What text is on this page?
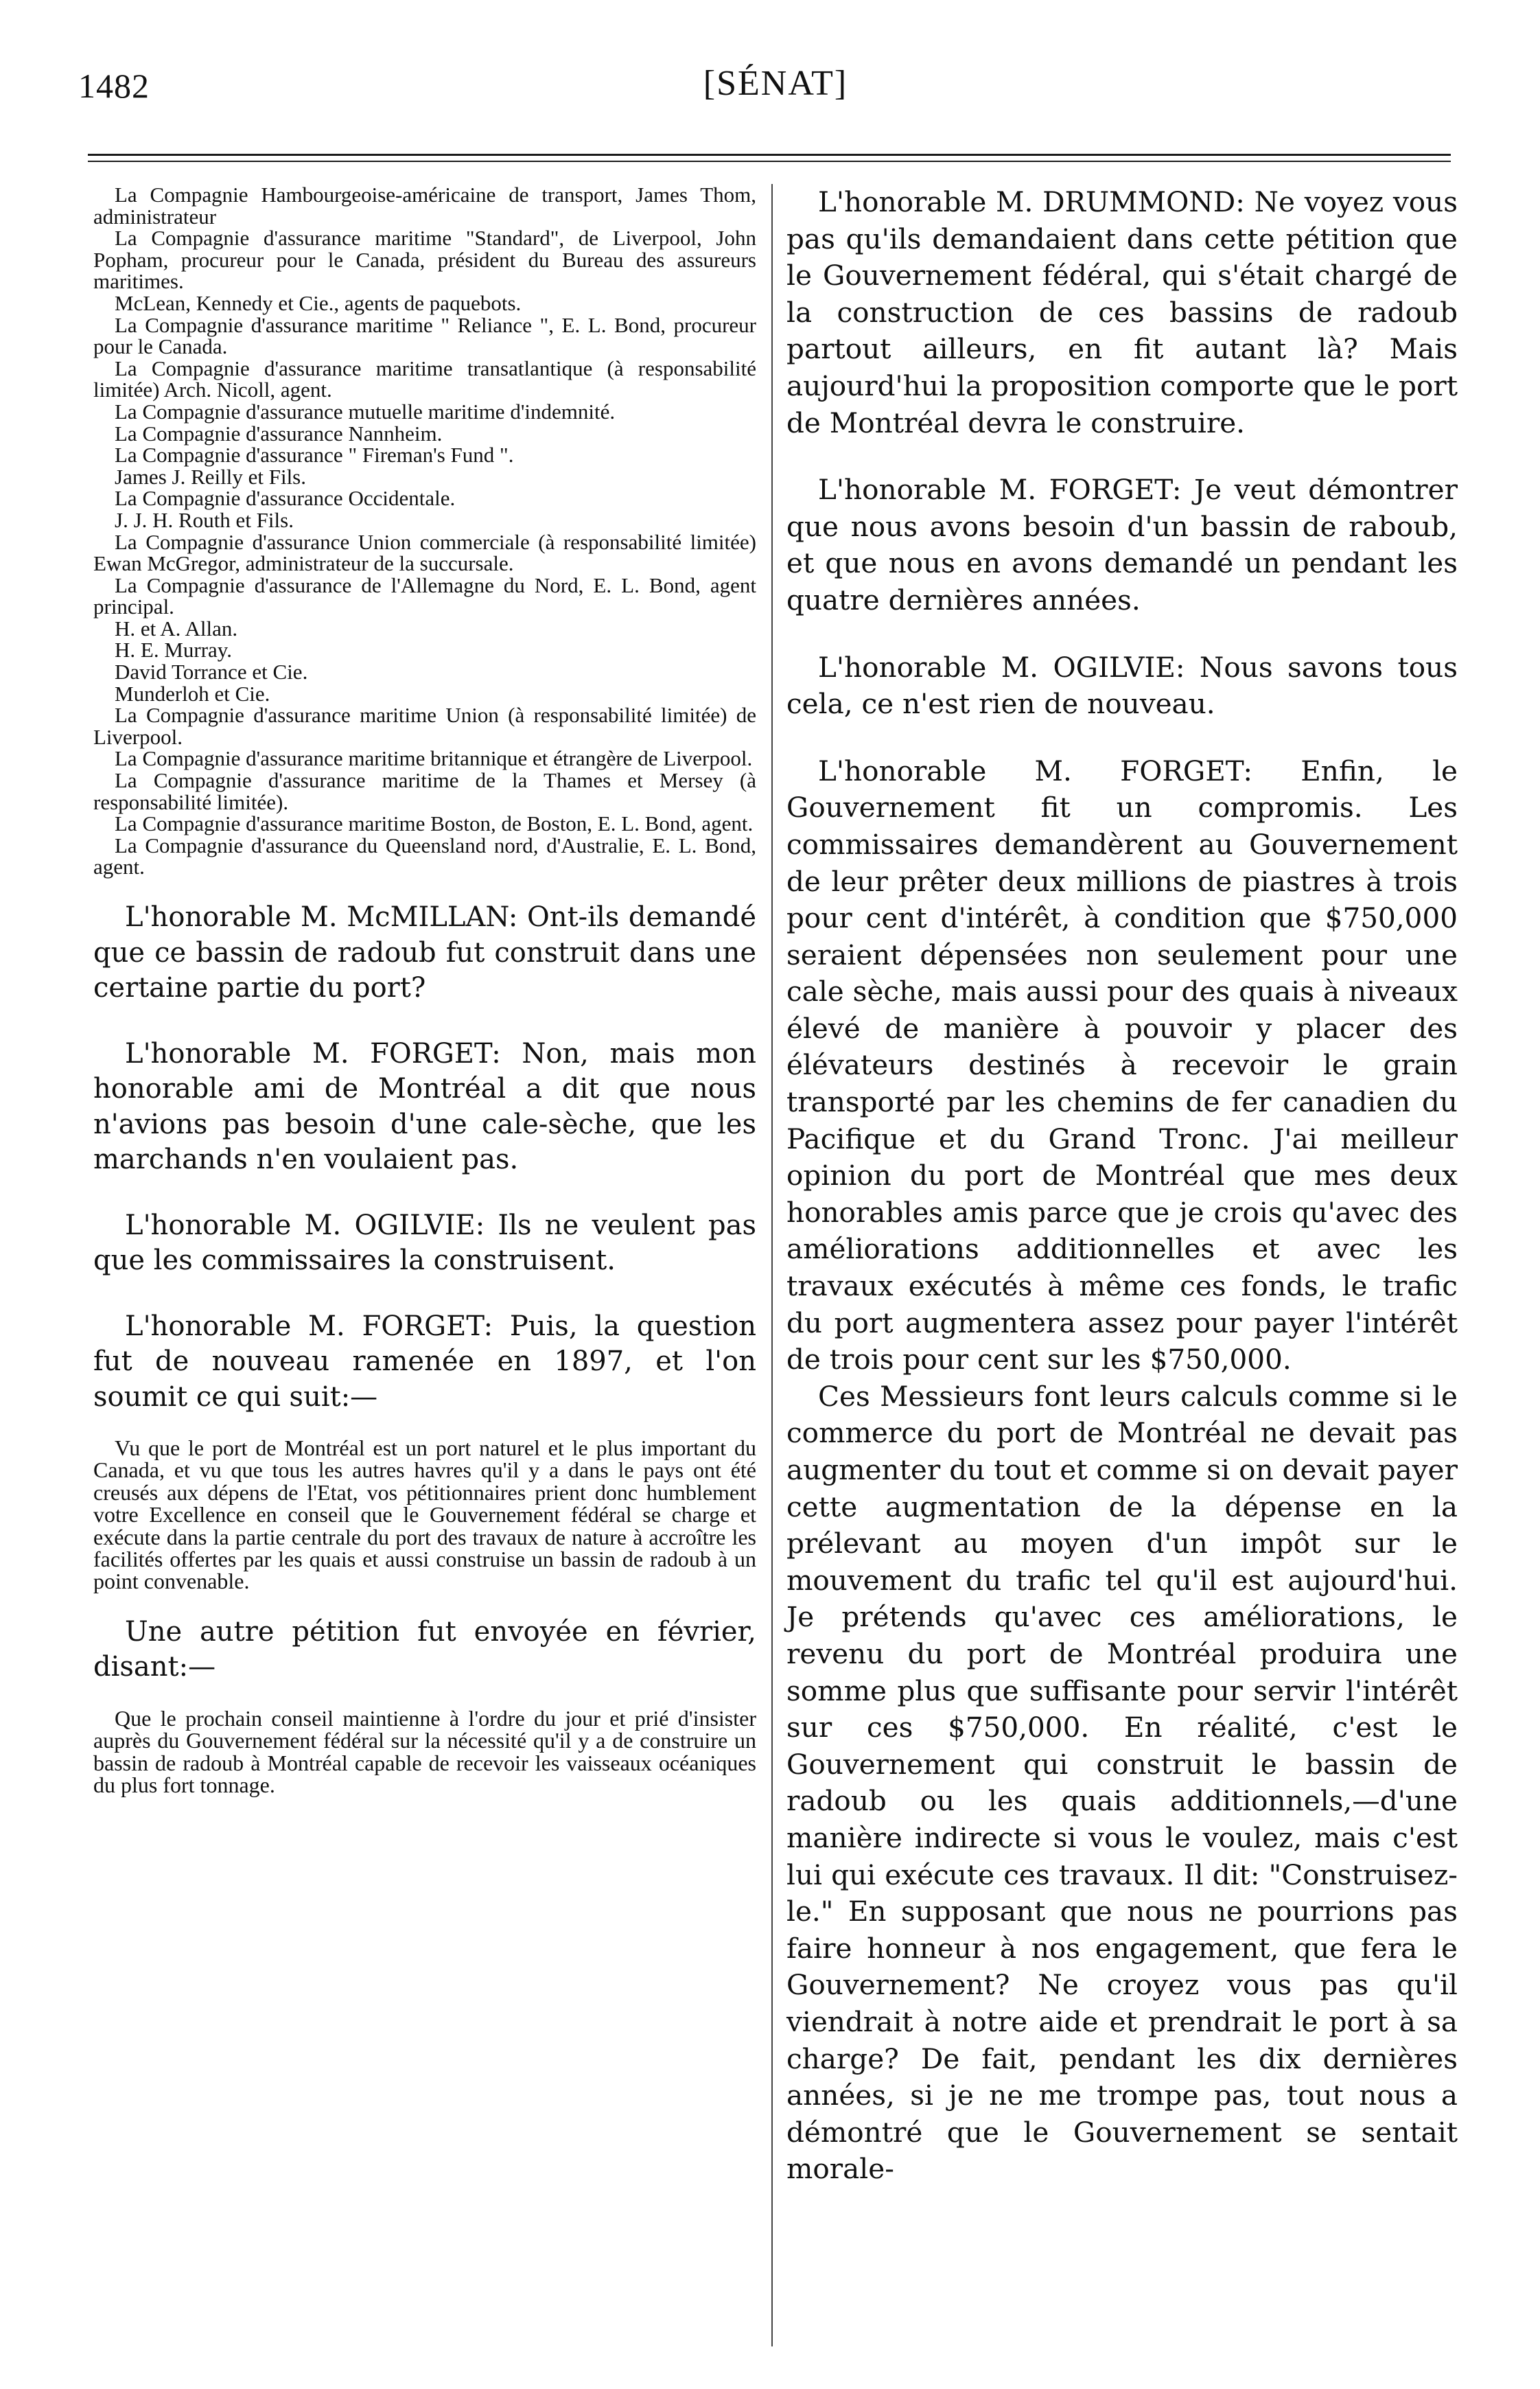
1482	[SÉNAT]

La Compagnie Hambourgeoise-américaine de transport, James Thom, administrateur

La Compagnie d'assurance maritime "Standard", de Liverpool, John Popham, procureur pour le Canada, président du Bureau des assureurs maritimes.

McLean, Kennedy et Cie., agents de paquebots.

La Compagnie d'assurance maritime " Reliance ", E. L. Bond, procureur pour le Canada.

La Compagnie d'assurance maritime transatlantique (à responsabilité limitée) Arch. Nicoll, agent.

La Compagnie d'assurance mutuelle maritime d'indemnité.

La Compagnie d'assurance Nannheim.

La Compagnie d'assurance " Fireman's Fund ".

James J. Reilly et Fils.

La Compagnie d'assurance Occidentale.

J. J. H. Routh et Fils.

La Compagnie d'assurance Union commerciale (à responsabilité limitée) Ewan McGregor, administrateur de la succursale.

La Compagnie d'assurance de l'Allemagne du Nord, E. L. Bond, agent principal.

H. et A. Allan.

H. E. Murray.

David Torrance et Cie.

Munderloh et Cie.

La Compagnie d'assurance maritime Union (à responsabilité limitée) de Liverpool.

La Compagnie d'assurance maritime britannique et étrangère de Liverpool.

La Compagnie d'assurance maritime de la Thames et Mersey (à responsabilité limitée).

La Compagnie d'assurance maritime Boston, de Boston, E. L. Bond, agent.

La Compagnie d'assurance du Queensland nord, d'Australie, E. L. Bond, agent.

L'honorable M. McMILLAN: Ont-ils demandé que ce bassin de radoub fut construit dans une certaine partie du port?

L'honorable M. FORGET: Non, mais mon honorable ami de Montréal a dit que nous n'avions pas besoin d'une cale-sèche, que les marchands n'en voulaient pas.

L'honorable M. OGILVIE: Ils ne veulent pas que les commissaires la construisent.

L'honorable M. FORGET: Puis, la question fut de nouveau ramenée en 1897, et l'on soumit ce qui suit:—

Vu que le port de Montréal est un port naturel et le plus important du Canada, et vu que tous les autres havres qu'il y a dans le pays ont été creusés aux dépens de l'Etat, vos pétitionnaires prient donc humblement votre Excellence en conseil que le Gouvernement fédéral se charge et exécute dans la partie centrale du port des travaux de nature à accroître les facilités offertes par les quais et aussi construise un bassin de radoub à un point convenable.

Une autre pétition fut envoyée en février, disant:—

Que le prochain conseil maintienne à l'ordre du jour et prié d'insister auprès du Gouvernement fédéral sur la nécessité qu'il y a de construire un bassin de radoub à Montréal capable de recevoir les vaisseaux océaniques du plus fort tonnage.

L'honorable M. DRUMMOND: Ne voyez vous pas qu'ils demandaient dans cette pétition que le Gouvernement fédéral, qui s'était chargé de la construction de ces bassins de radoub partout ailleurs, en fit autant là? Mais aujourd'hui la proposition comporte que le port de Montréal devra le construire.

L'honorable M. FORGET: Je veut démontrer que nous avons besoin d'un bassin de raboub, et que nous en avons demandé un pendant les quatre dernières années.

L'honorable M. OGILVIE: Nous savons tous cela, ce n'est rien de nouveau.

L'honorable M. FORGET: Enfin, le Gouvernement fit un compromis. Les commissaires demandèrent au Gouvernement de leur prêter deux millions de piastres à trois pour cent d'intérêt, à condition que $750,000 seraient dépensées non seulement pour une cale sèche, mais aussi pour des quais à niveaux élevé de manière à pouvoir y placer des élévateurs destinés à recevoir le grain transporté par les chemins de fer canadien du Pacifique et du Grand Tronc. J'ai meilleur opinion du port de Montréal que mes deux honorables amis parce que je crois qu'avec des améliorations additionnelles et avec les travaux exécutés à même ces fonds, le trafic du port augmentera assez pour payer l'intérêt de trois pour cent sur les $750,000.

Ces Messieurs font leurs calculs comme si le commerce du port de Montréal ne devait pas augmenter du tout et comme si on devait payer cette augmentation de la dépense en la prélevant au moyen d'un impôt sur le mouvement du trafic tel qu'il est aujourd'hui. Je prétends qu'avec ces améliorations, le revenu du port de Montréal produira une somme plus que suffisante pour servir l'intérêt sur ces $750,000. En réalité, c'est le Gouvernement qui construit le bassin de radoub ou les quais additionnels,—d'une manière indirecte si vous le voulez, mais c'est lui qui exécute ces travaux. Il dit: "Construisez-le." En supposant que nous ne pourrions pas faire honneur à nos engagement, que fera le Gouvernement? Ne croyez vous pas qu'il viendrait à notre aide et prendrait le port à sa charge? De fait, pendant les dix dernières années, si je ne me trompe pas, tout nous a démontré que le Gouvernement se sentait morale-
